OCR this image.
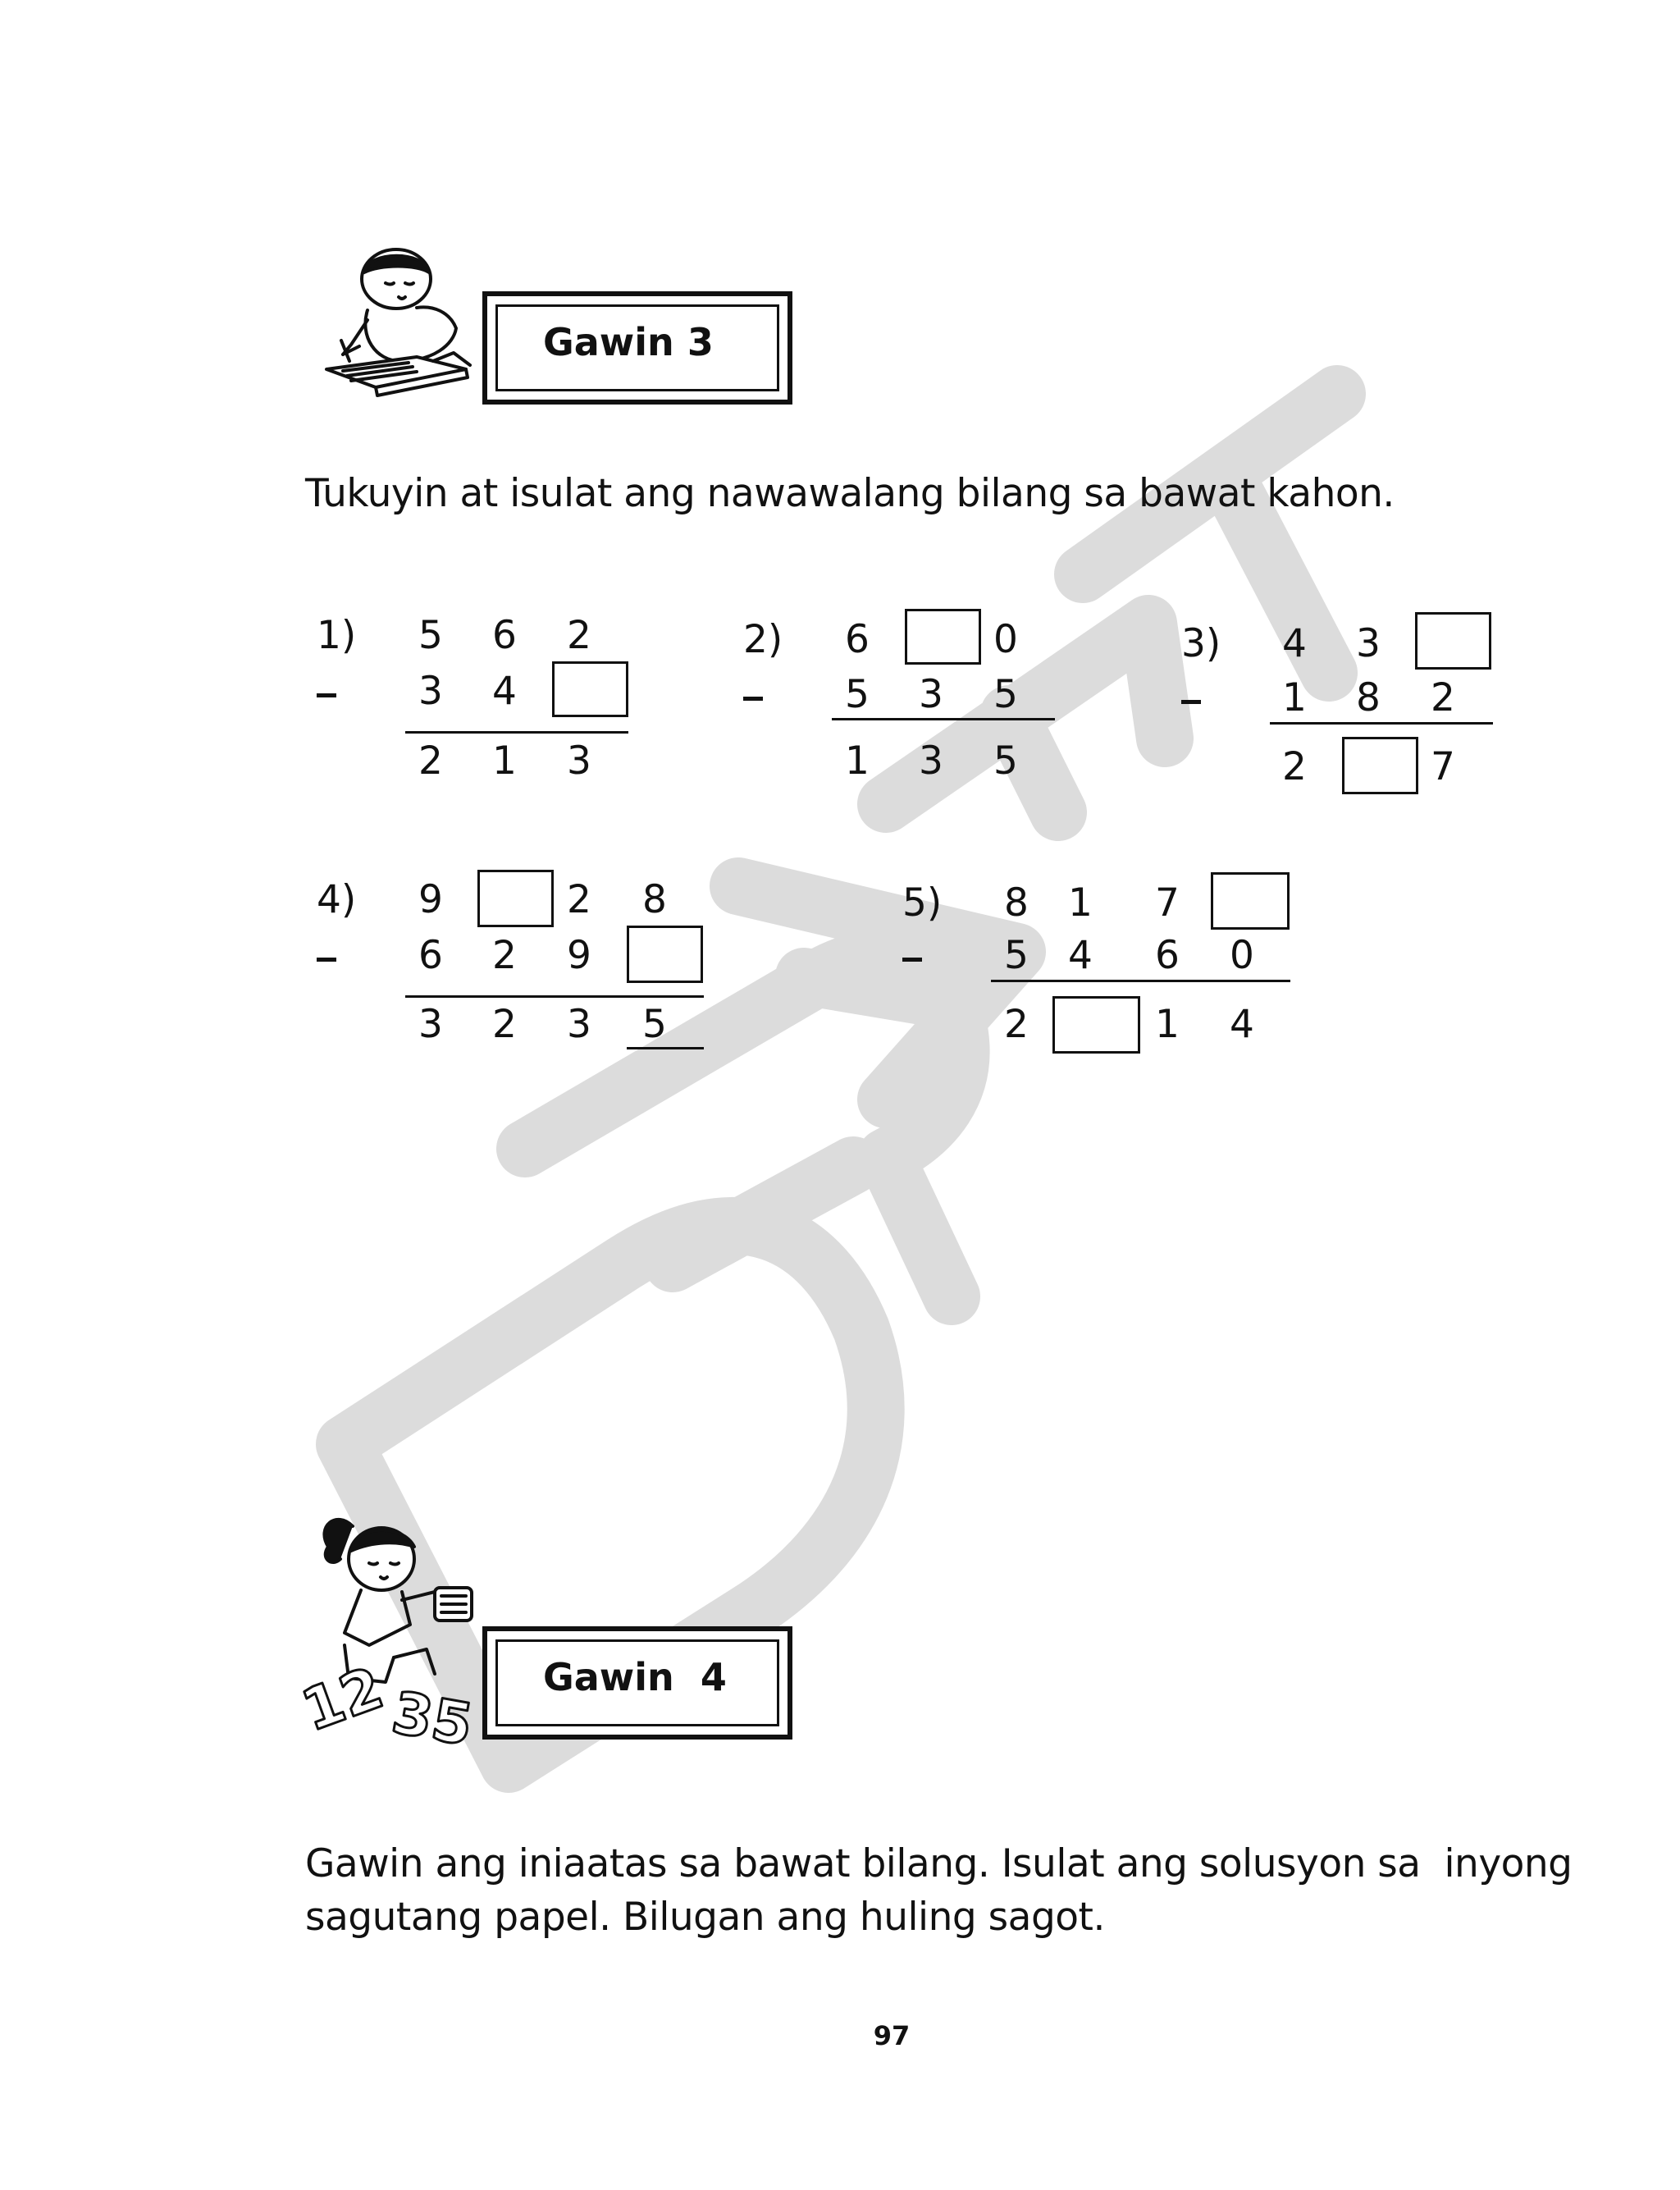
Gawin 3
Tukuyin at isulat ang nawawalang bilang sa bawat kahon.
1) 5 6 2
3 4
2 1 3
2) 6	0
5 3 5
1 3 5
3) 4 3
1 8 2
2	7
4) 9	2 8
6 2 9
3 2 3 5
5) 8 1 7
5 4 6 0
2	1 4
12
35
Gawin  4
Gawin ang iniaatas sa bawat bilang. Isulat ang solusyon sa  inyong
sagutang papel. Bilugan ang huling sagot.
97
